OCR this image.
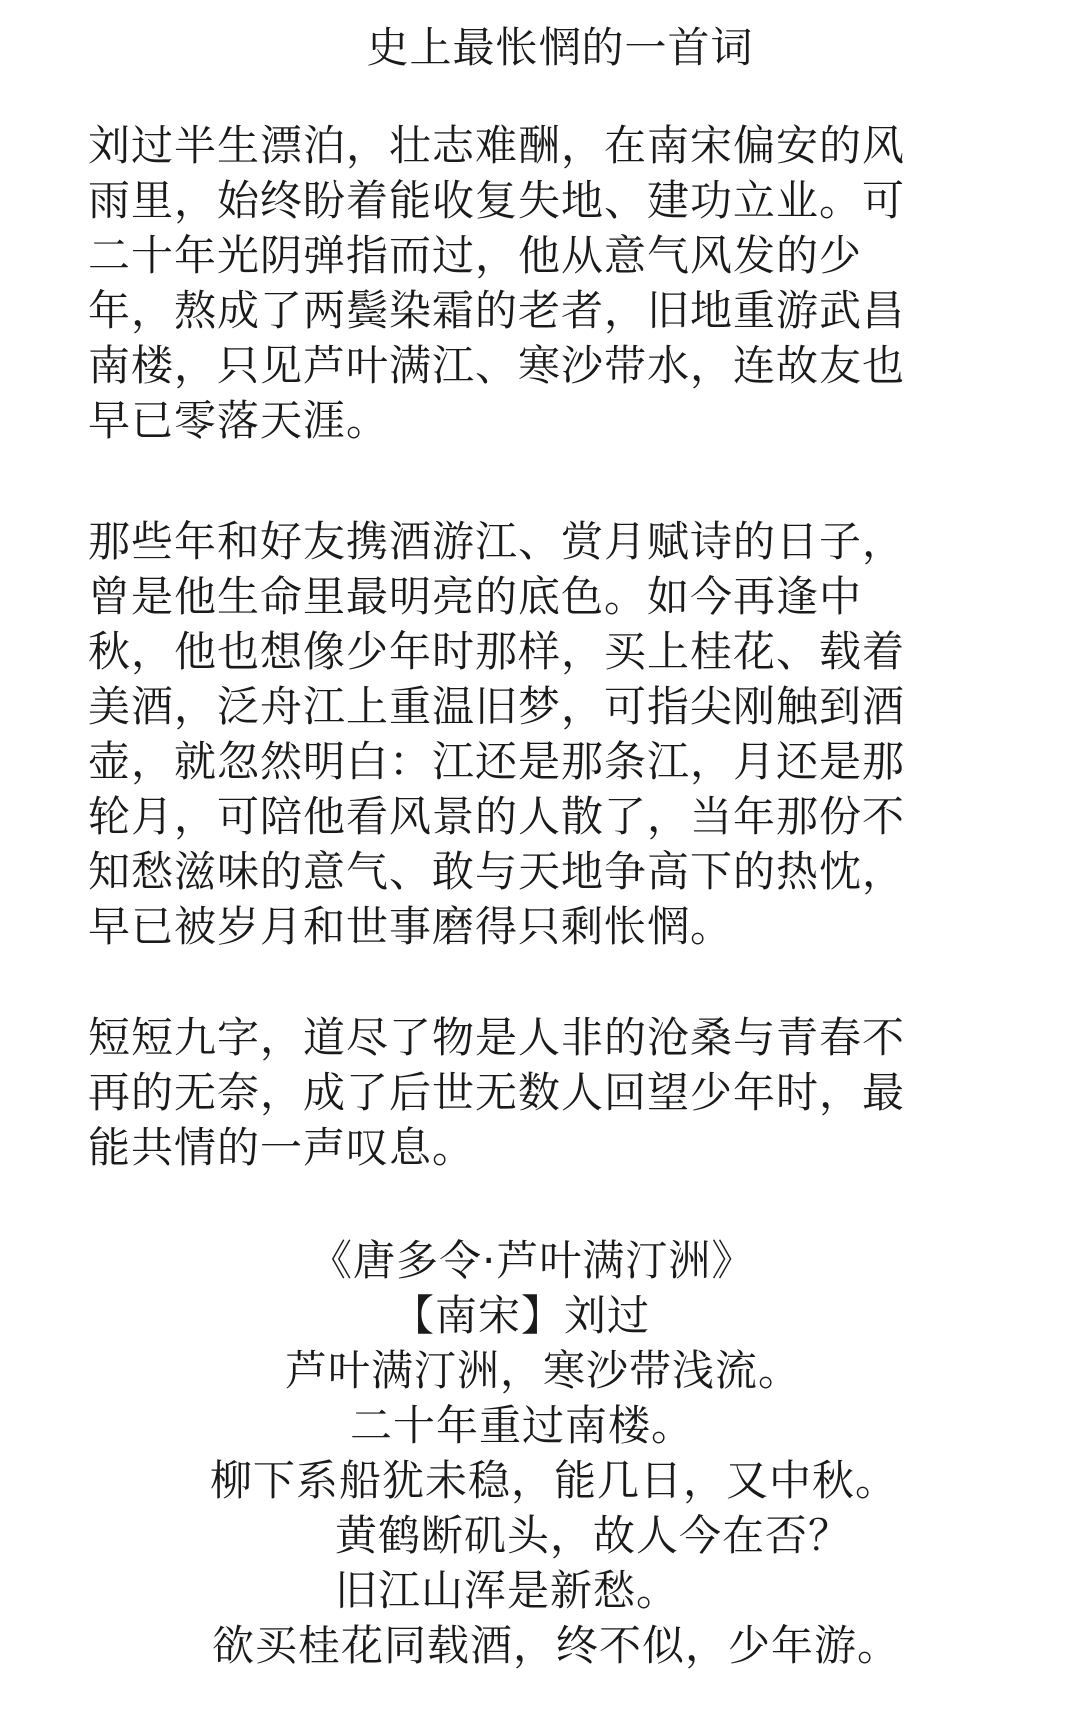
史上最怅惘的一首词
刘过半生漂泊，壮志难酬，在南宋偏安的风
雨里，始终盼着能收复失地、建功立业。可
二十年光阴弹指而过，他从意气风发的少
年，熬成了两鬓染霜的老者，旧地重游武昌
南楼，只见芦叶满江、寒沙带水，连故友也
早已零落天涯。
那些年和好友携酒游江、赏月赋诗的日子，
曾是他生命里最明亮的底色。如今再逢中
秋，他也想像少年时那样，买上桂花、载着
美酒，泛舟江上重温旧梦，可指尖刚触到酒
壶，就忽然明白：江还是那条江，月还是那
轮月，可陪他看风景的人散了，当年那份不
知愁滋味的意气、敢与天地争高下的热忱，
早已被岁月和世事磨得只剩怅惘。
短短九字，道尽了物是人非的沧桑与青春不
再的无奈，成了后世无数人回望少年时，最
能共情的一声叹息。
《唐多令·芦叶满汀洲》
【南宋】刘过
芦叶满汀洲，寒沙带浅流。
二十年重过南楼。
柳下系船犹未稳，能几日，又中秋。
黄鹤断矶头，故人今在否？
旧江山浑是新愁。
欲买桂花同载酒，终不似，少年游。
